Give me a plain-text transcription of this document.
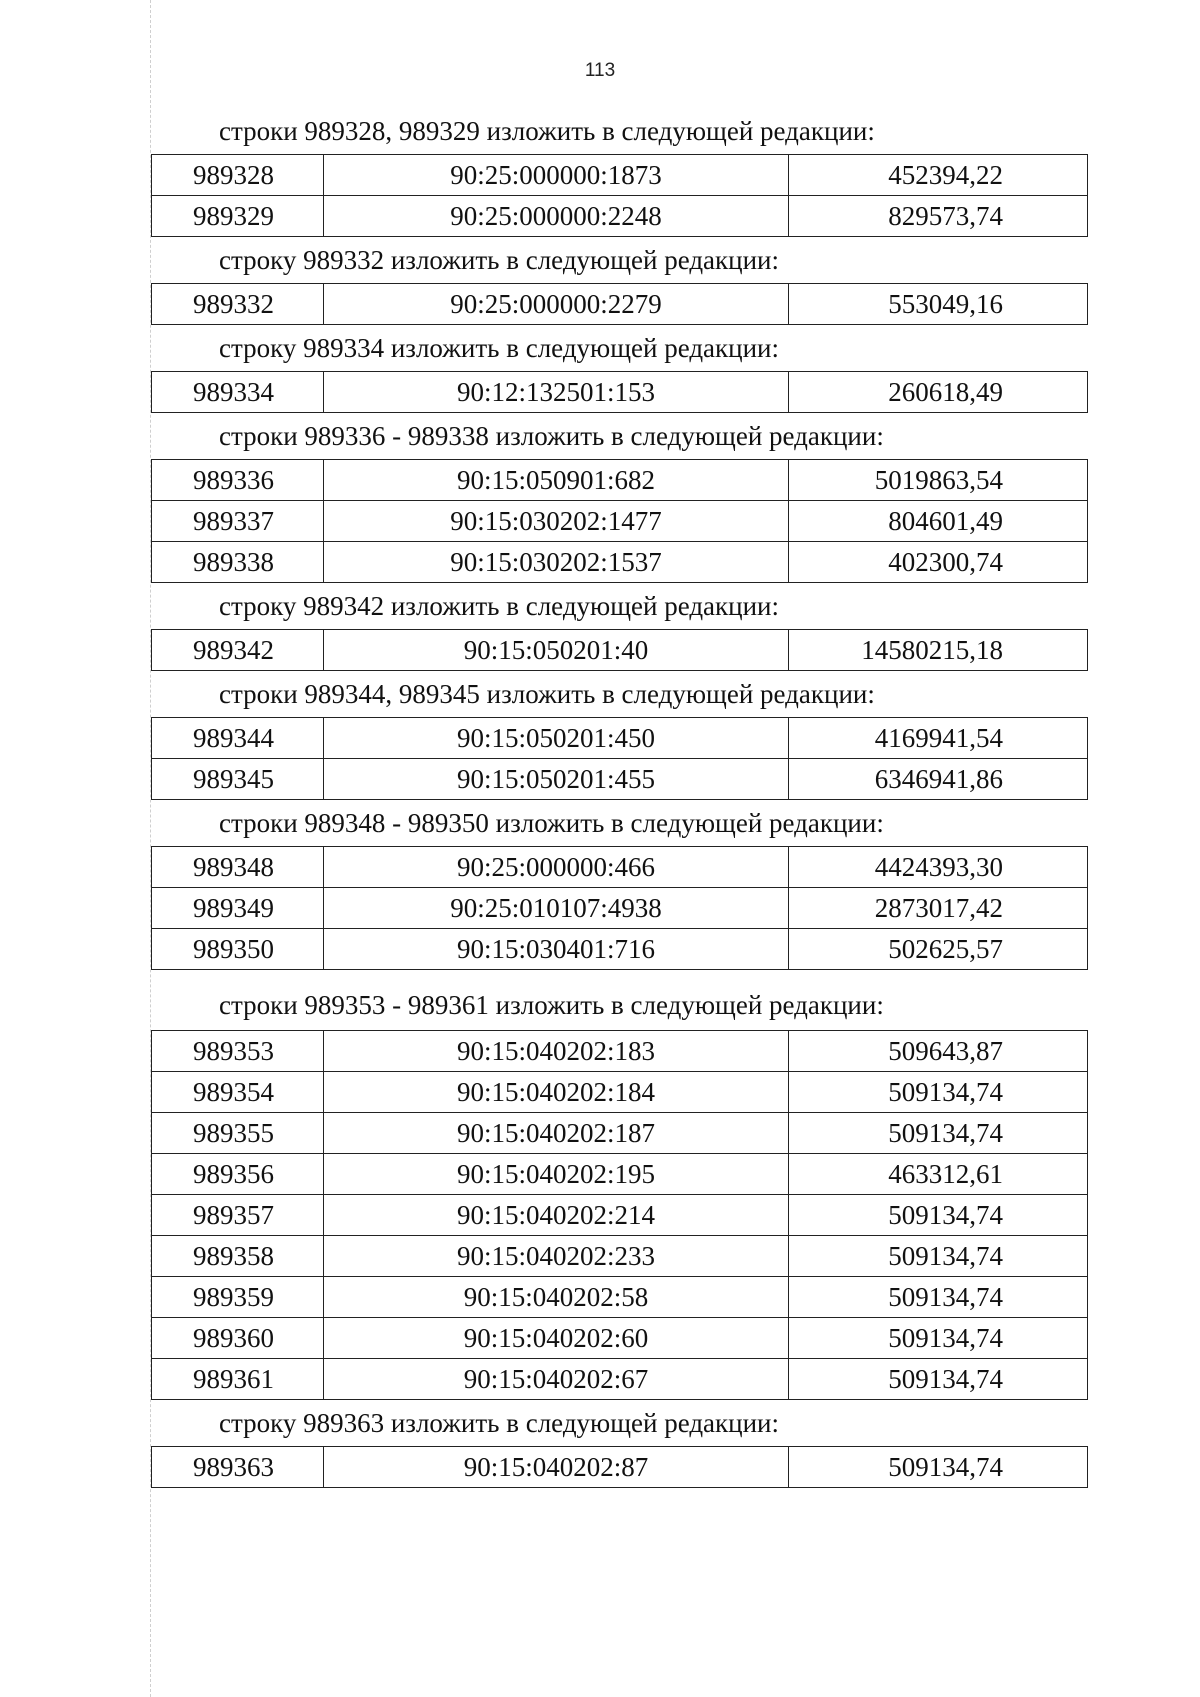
113

строки 989328, 989329 изложить в следующей редакции:

989328	90:25:000000:1873	452394,22
989329	90:25:000000:2248	829573,74

строку 989332 изложить в следующей редакции:

989332	90:25:000000:2279	553049,16

строку 989334 изложить в следующей редакции:

989334	90:12:132501:153	260618,49

строки 989336 - 989338 изложить в следующей редакции:

989336	90:15:050901:682	5019863,54
989337	90:15:030202:1477	804601,49
989338	90:15:030202:1537	402300,74

строку 989342 изложить в следующей редакции:

989342	90:15:050201:40	14580215,18

строки 989344, 989345 изложить в следующей редакции:

989344	90:15:050201:450	4169941,54
989345	90:15:050201:455	6346941,86

строки 989348 - 989350 изложить в следующей редакции:

989348	90:25:000000:466	4424393,30
989349	90:25:010107:4938	2873017,42
989350	90:15:030401:716	502625,57

строки 989353 - 989361 изложить в следующей редакции:

989353	90:15:040202:183	509643,87
989354	90:15:040202:184	509134,74
989355	90:15:040202:187	509134,74
989356	90:15:040202:195	463312,61
989357	90:15:040202:214	509134,74
989358	90:15:040202:233	509134,74
989359	90:15:040202:58	509134,74
989360	90:15:040202:60	509134,74
989361	90:15:040202:67	509134,74

строку 989363 изложить в следующей редакции:

989363	90:15:040202:87	509134,74
